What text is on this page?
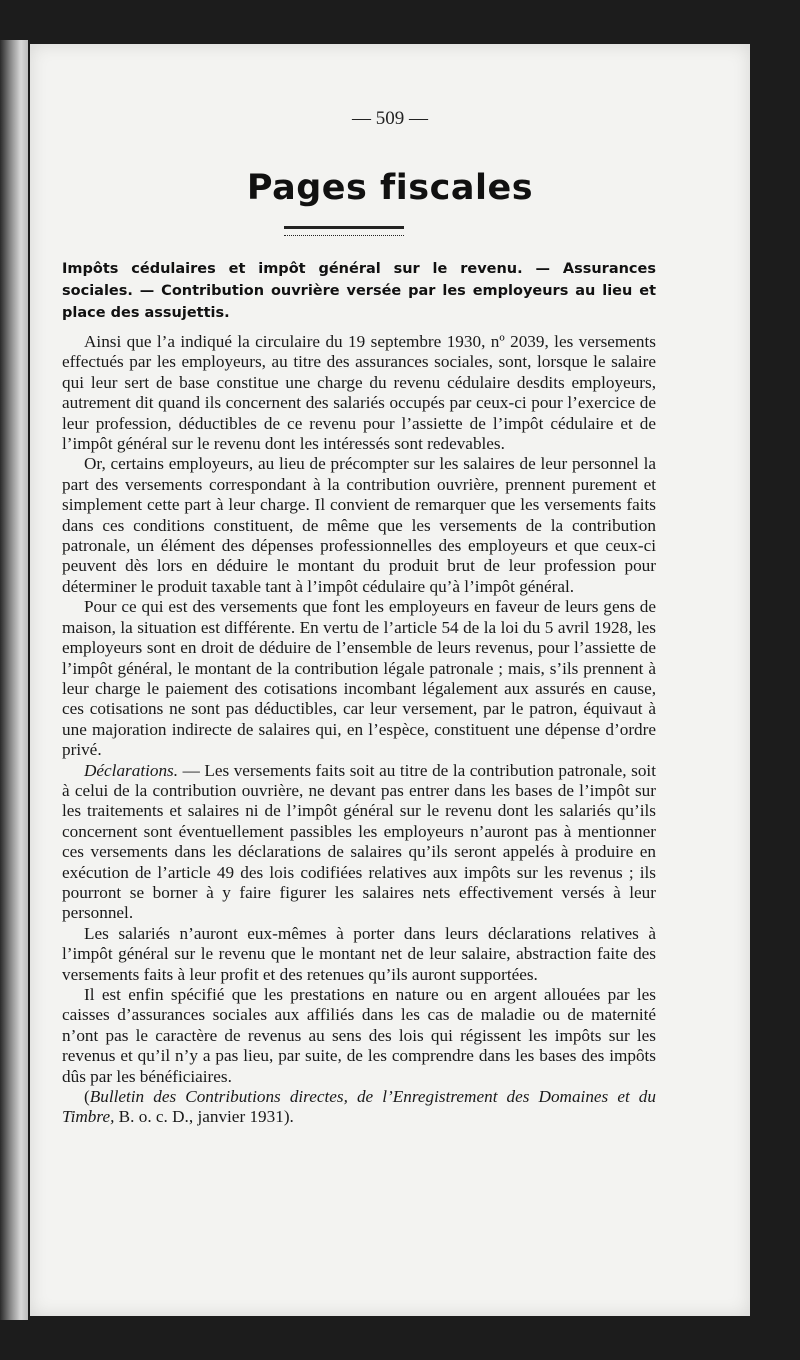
— 509 —
Pages fiscales

Impôts cédulaires et impôt général sur le revenu. — Assurances sociales. — Contribution ouvrière versée par les employeurs au lieu et place des assujettis.

Ainsi que l’a indiqué la circulaire du 19 septembre 1930, nº 2039, les versements effectués par les employeurs, au titre des assurances sociales, sont, lorsque le salaire qui leur sert de base constitue une charge du revenu cédulaire desdits employeurs, autrement dit quand ils concernent des salariés occupés par ceux-ci pour l’exercice de leur profession, déductibles de ce revenu pour l’assiette de l’impôt cédulaire et de l’impôt général sur le revenu dont les intéressés sont redevables.

Or, certains employeurs, au lieu de précompter sur les salaires de leur personnel la part des versements correspondant à la contribution ouvrière, prennent purement et simplement cette part à leur charge. Il convient de remarquer que les versements faits dans ces conditions constituent, de même que les versements de la contribution patronale, un élément des dépenses professionnelles des employeurs et que ceux-ci peuvent dès lors en déduire le montant du produit brut de leur profession pour déterminer le produit taxable tant à l’impôt cédulaire qu’à l’impôt général.

Pour ce qui est des versements que font les employeurs en faveur de leurs gens de maison, la situation est différente. En vertu de l’article 54 de la loi du 5 avril 1928, les employeurs sont en droit de déduire de l’ensemble de leurs revenus, pour l’assiette de l’impôt général, le montant de la contribution légale patronale ; mais, s’ils prennent à leur charge le paiement des cotisations incombant légalement aux assurés en cause, ces cotisations ne sont pas déductibles, car leur versement, par le patron, équivaut à une majoration indirecte de salaires qui, en l’espèce, constituent une dépense d’ordre privé.

Déclarations. — Les versements faits soit au titre de la contribution patronale, soit à celui de la contribution ouvrière, ne devant pas entrer dans les bases de l’impôt sur les traitements et salaires ni de l’impôt général sur le revenu dont les salariés qu’ils concernent sont éventuellement passibles les employeurs n’auront pas à mentionner ces versements dans les déclarations de salaires qu’ils seront appelés à produire en exécution de l’article 49 des lois codifiées relatives aux impôts sur les revenus ; ils pourront se borner à y faire figurer les salaires nets effectivement versés à leur personnel.

Les salariés n’auront eux-mêmes à porter dans leurs déclarations relatives à l’impôt général sur le revenu que le montant net de leur salaire, abstraction faite des versements faits à leur profit et des retenues qu’ils auront supportées.

Il est enfin spécifié que les prestations en nature ou en argent allouées par les caisses d’assurances sociales aux affiliés dans les cas de maladie ou de maternité n’ont pas le caractère de revenus au sens des lois qui régissent les impôts sur les revenus et qu’il n’y a pas lieu, par suite, de les comprendre dans les bases des impôts dûs par les bénéficiaires.

(Bulletin des Contributions directes, de l’Enregistrement des Domaines et du Timbre, B. o. c. D., janvier 1931).
